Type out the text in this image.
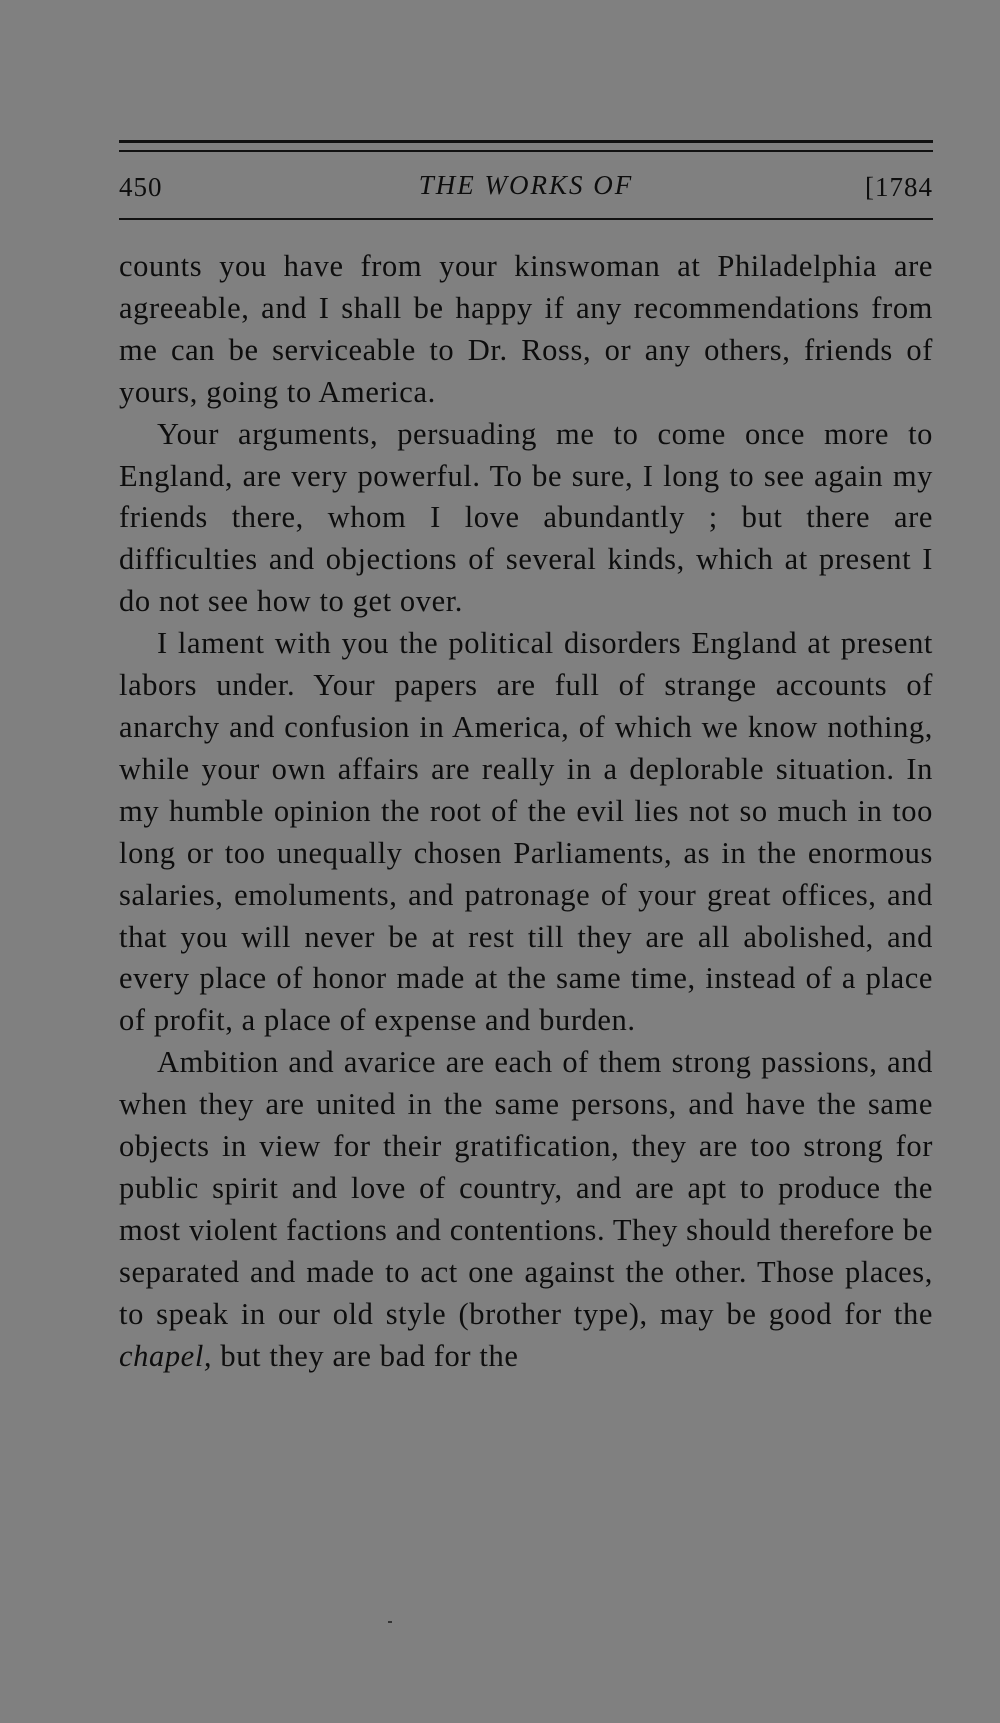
450	THE WORKS OF	[1784

counts you have from your kinswoman at Philadelphia are agreeable, and I shall be happy if any recommendations from me can be serviceable to Dr. Ross, or any others, friends of yours, going to America.

Your arguments, persuading me to come once more to England, are very powerful. To be sure, I long to see again my friends there, whom I love abundantly ; but there are difficulties and objections of several kinds, which at present I do not see how to get over.

I lament with you the political disorders England at present labors under. Your papers are full of strange accounts of anarchy and confusion in America, of which we know nothing, while your own affairs are really in a deplorable situation. In my humble opinion the root of the evil lies not so much in too long or too unequally chosen Parliaments, as in the enormous salaries, emoluments, and patronage of your great offices, and that you will never be at rest till they are all abolished, and every place of honor made at the same time, instead of a place of profit, a place of expense and burden.

Ambition and avarice are each of them strong passions, and when they are united in the same persons, and have the same objects in view for their gratification, they are too strong for public spirit and love of country, and are apt to produce the most violent factions and contentions. They should therefore be separated and made to act one against the other. Those places, to speak in our old style (brother type), may be good for the chapel, but they are bad for the
